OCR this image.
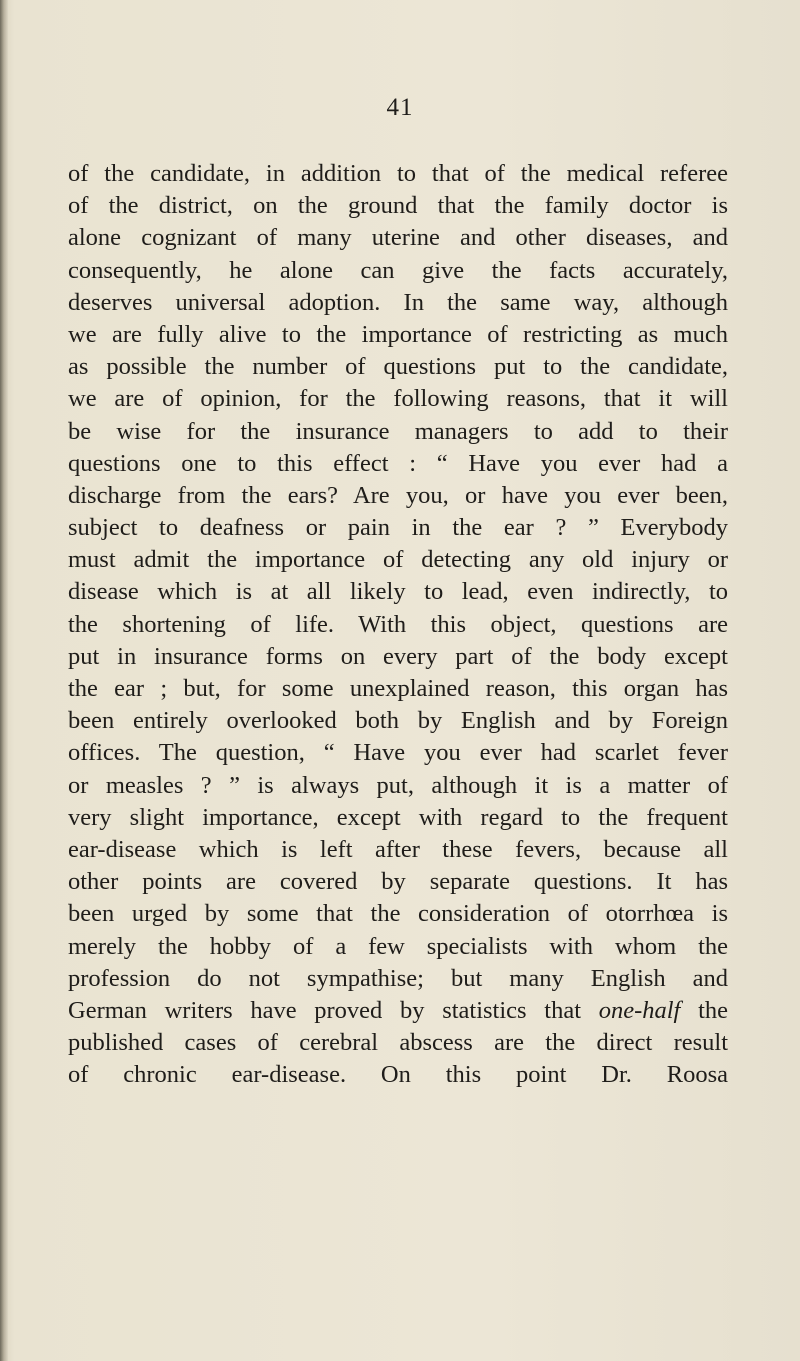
41
of the candidate, in addition to that of the medical referee
of the district, on the ground that the family doctor is
alone cognizant of many uterine and other diseases, and
consequently, he alone can give the facts accurately,
deserves universal adoption. In the same way, although
we are fully alive to the importance of restricting as much
as possible the number of questions put to the candidate,
we are of opinion, for the following reasons, that it will
be wise for the insurance managers to add to their
questions one to this effect : “ Have you ever had a
discharge from the ears? Are you, or have you ever been,
subject to deafness or pain in the ear ? ” Everybody
must admit the importance of detecting any old injury or
disease which is at all likely to lead, even indirectly, to
the shortening of life. With this object, questions are
put in insurance forms on every part of the body except
the ear ; but, for some unexplained reason, this organ has
been entirely overlooked both by English and by Foreign
offices. The question, “ Have you ever had scarlet fever
or measles ? ” is always put, although it is a matter of
very slight importance, except with regard to the frequent
ear-disease which is left after these fevers, because all
other points are covered by separate questions. It has
been urged by some that the consideration of otorrhœa is
merely the hobby of a few specialists with whom the
profession do not sympathise; but many English and
German writers have proved by statistics that one-half the
published cases of cerebral abscess are the direct result
of chronic ear-disease. On this point Dr. Roosa
